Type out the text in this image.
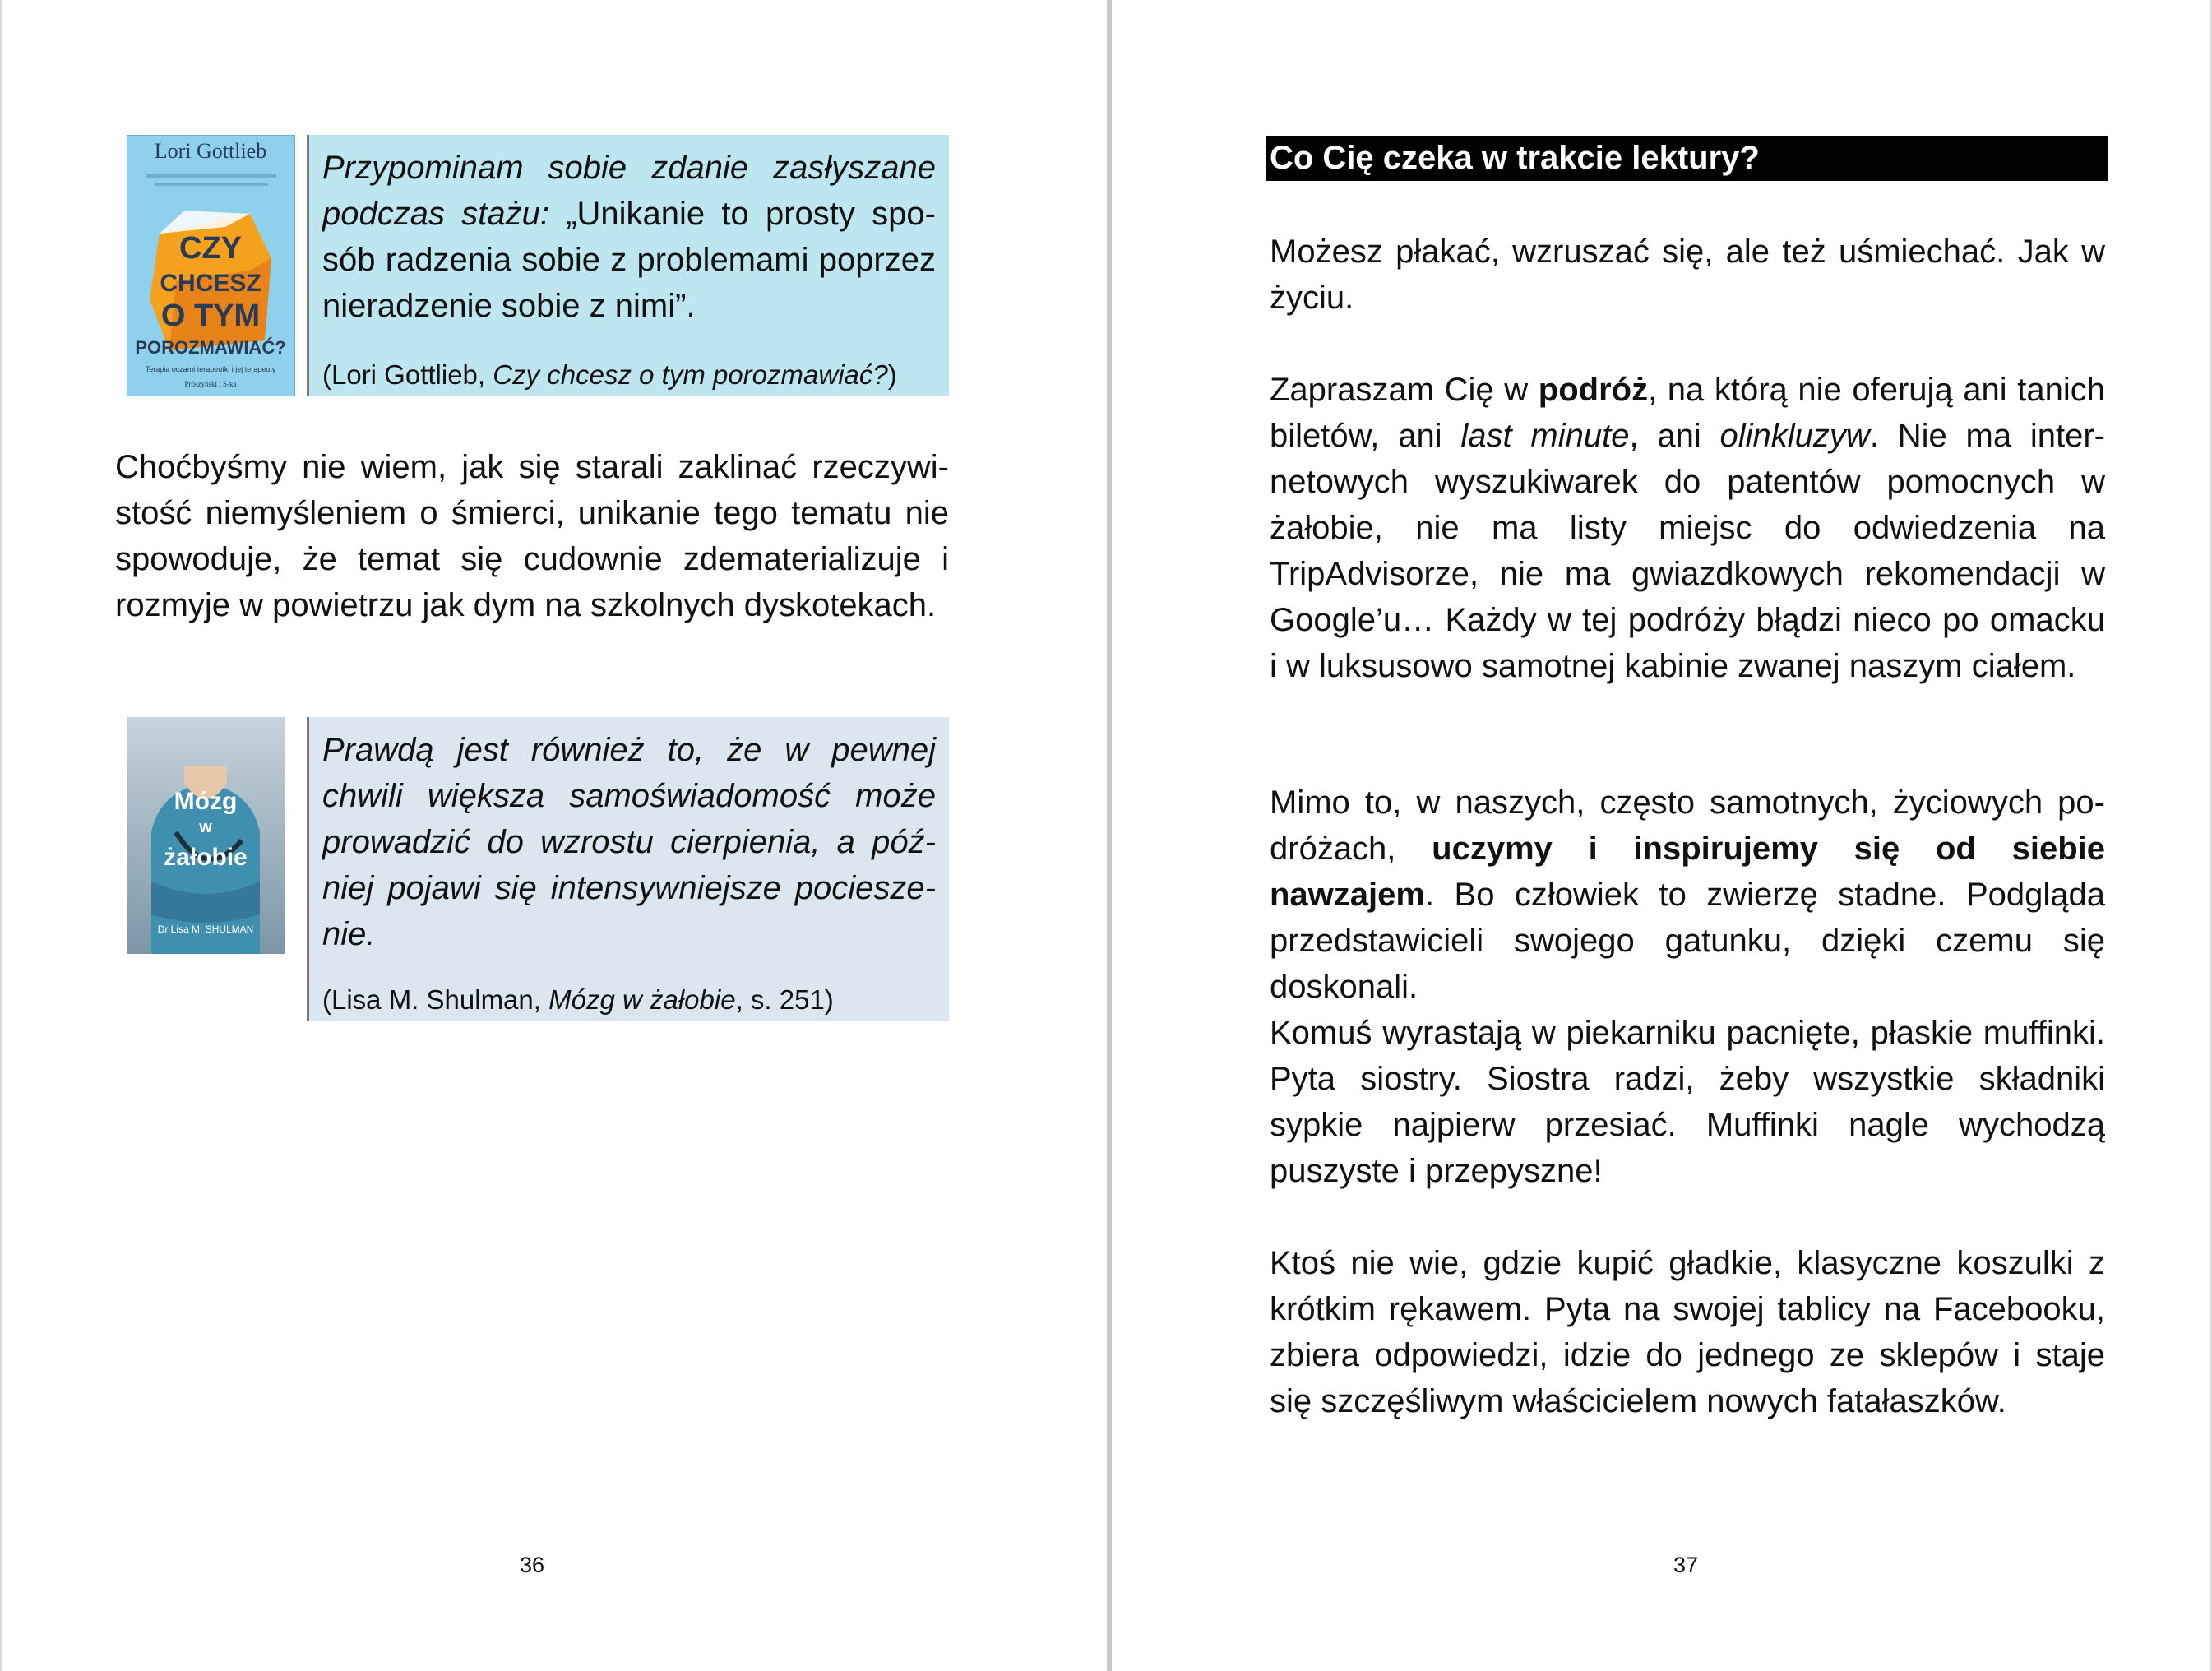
Lori Gottlieb
CZY
CHCESZ
O TYM
POROZMAWIAĆ?
Terapia oczami terapeutki i jej terapeuty
Prószyński i S-ka

Przypominam sobie zdanie zasłyszane podczas stażu: „Unikanie to prosty sposób radzenia sobie z problemami poprzez nieradzenie sobie z nimi”.

(Lori Gottlieb, Czy chcesz o tym porozmawiać?)

Choćbyśmy nie wiem, jak się starali zaklinać rzeczywistość niemyśleniem o śmierci, unikanie tego tematu nie spowoduje, że temat się cudownie zdematerializuje i rozmyje w powietrzu jak dym na szkolnych dyskotekach.

Mózg
w
żałobie
Dr Lisa M. SHULMAN

Prawdą jest również to, że w pewnej chwili większa samoświadomość może prowadzić do wzrostu cierpienia, a później pojawi się intensywniejsze pocieszenie.

(Lisa M. Shulman, Mózg w żałobie, s. 251)

36
Co Cię czeka w trakcie lektury?

Możesz płakać, wzruszać się, ale też uśmiechać. Jak w życiu.

Zapraszam Cię w podróż, na którą nie oferują ani tanich biletów, ani last minute, ani olinkluzyw. Nie ma internetowych wyszukiwarek do patentów pomocnych w żałobie, nie ma listy miejsc do odwiedzenia na TripAdvisorze, nie ma gwiazdkowych rekomendacji w Google’u… Każdy w tej podróży błądzi nieco po omacku i w luksusowo samotnej kabinie zwanej naszym ciałem.

Mimo to, w naszych, często samotnych, życiowych podróżach, uczymy i inspirujemy się od siebie nawzajem. Bo człowiek to zwierzę stadne. Podgląda przedstawicieli swojego gatunku, dzięki czemu się doskonali.

Komuś wyrastają w piekarniku pacnięte, płaskie muffinki. Pyta siostry. Siostra radzi, żeby wszystkie składniki sypkie najpierw przesiać. Muffinki nagle wychodzą puszyste i przepyszne!

Ktoś nie wie, gdzie kupić gładkie, klasyczne koszulki z krótkim rękawem. Pyta na swojej tablicy na Facebooku, zbiera odpowiedzi, idzie do jednego ze sklepów i staje się szczęśliwym właścicielem nowych fatałaszków.

37
